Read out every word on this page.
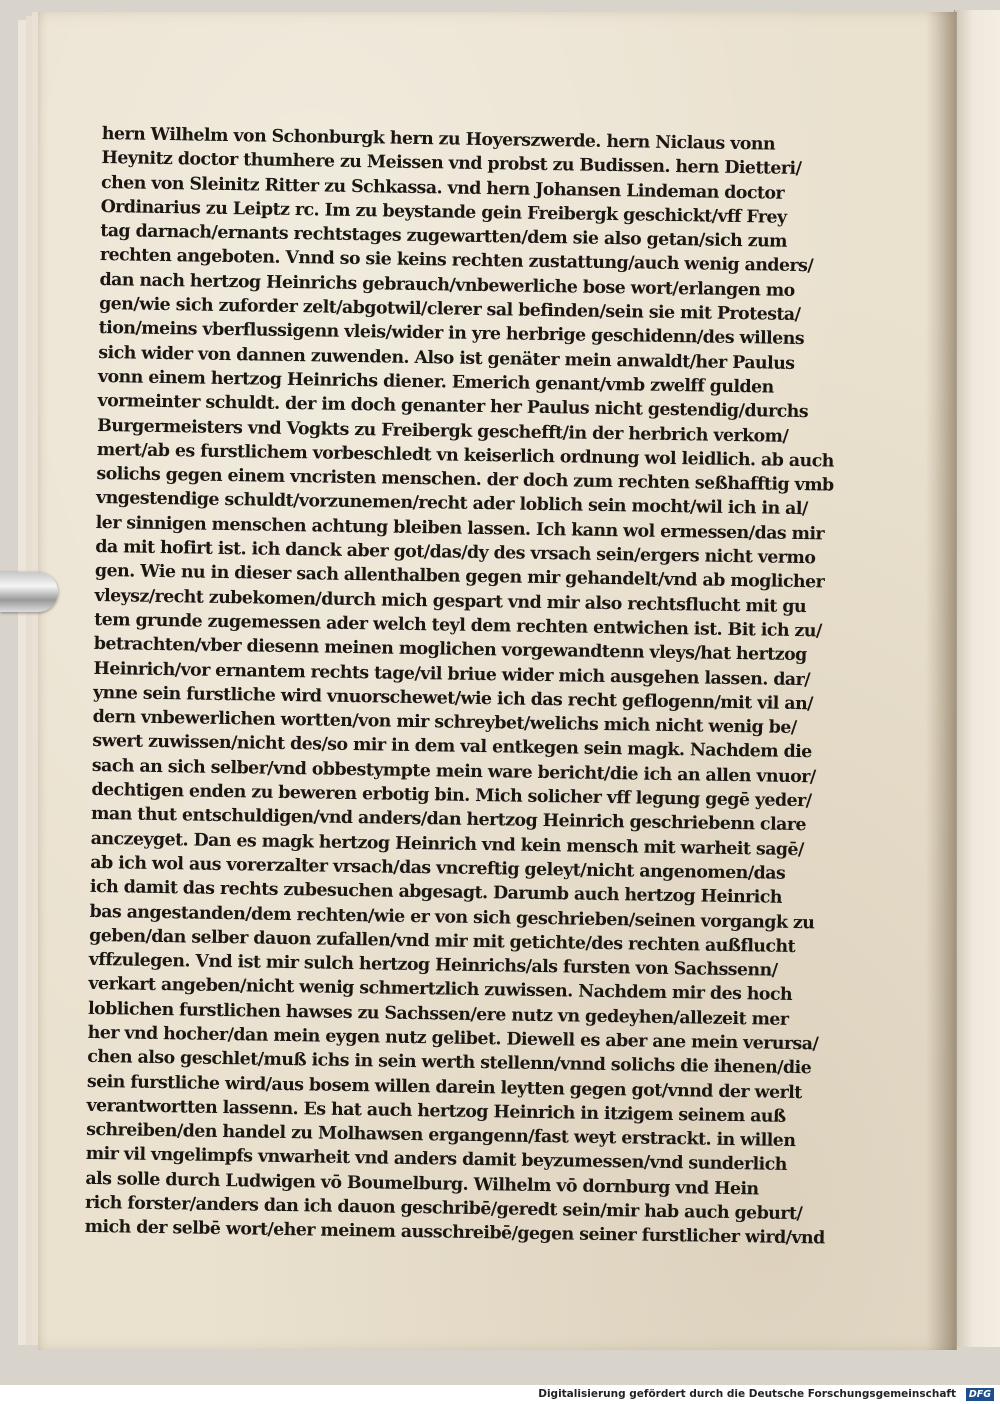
hern Wilhelm von Schonburgk hern zu Hoyerszwerde. hern Niclaus vonn
Heynitz doctor thumhere zu Meissen vnd probst zu Budissen. hern Dietteri/
chen von Sleinitz Ritter zu Schkassa. vnd hern Johansen Lindeman doctor
Ordinarius zu Leiptz rc. Im zu beystande gein Freibergk geschickt/vff Frey
tag darnach/ernants rechtstages zugewartten/dem sie also getan/sich zum
rechten angeboten. Vnnd so sie keins rechten zustattung/auch wenig anders/
dan nach hertzog Heinrichs gebrauch/vnbewerliche bose wort/erlangen mo
gen/wie sich zuforder zelt/abgotwil/clerer sal befinden/sein sie mit Protesta/
tion/meins vberflussigenn vleis/wider in yre herbrige geschidenn/des willens
sich wider von dannen zuwenden. Also ist genäter mein anwaldt/her Paulus
vonn einem hertzog Heinrichs diener. Emerich genant/vmb zwelff gulden
vormeinter schuldt. der im doch genanter her Paulus nicht gestendig/durchs
Burgermeisters vnd Vogkts zu Freibergk geschefft/in der herbrich verkom/
mert/ab es furstlichem vorbeschledt vn keiserlich ordnung wol leidlich. ab auch
solichs gegen einem vncristen menschen. der doch zum rechten seßhafftig vmb
vngestendige schuldt/vorzunemen/recht ader loblich sein mocht/wil ich in al/
ler sinnigen menschen achtung bleiben lassen. Ich kann wol ermessen/das mir
da mit hofirt ist. ich danck aber got/das/dy des vrsach sein/ergers nicht vermo
gen. Wie nu in dieser sach allenthalben gegen mir gehandelt/vnd ab moglicher
vleysz/recht zubekomen/durch mich gespart vnd mir also rechtsflucht mit gu
tem grunde zugemessen ader welch teyl dem rechten entwichen ist. Bit ich zu/
betrachten/vber diesenn meinen moglichen vorgewandtenn vleys/hat hertzog
Heinrich/vor ernantem rechts tage/vil briue wider mich ausgehen lassen. dar/
ynne sein furstliche wird vnuorschewet/wie ich das recht geflogenn/mit vil an/
dern vnbewerlichen wortten/von mir schreybet/welichs mich nicht wenig be/
swert zuwissen/nicht des/so mir in dem val entkegen sein magk. Nachdem die
sach an sich selber/vnd obbestympte mein ware bericht/die ich an allen vnuor/
dechtigen enden zu beweren erbotig bin. Mich solicher vff legung gegē yeder/
man thut entschuldigen/vnd anders/dan hertzog Heinrich geschriebenn clare
anczeyget. Dan es magk hertzog Heinrich vnd kein mensch mit warheit sagē/
ab ich wol aus vorerzalter vrsach/das vncreftig geleyt/nicht angenomen/das
ich damit das rechts zubesuchen abgesagt. Darumb auch hertzog Heinrich
bas angestanden/dem rechten/wie er von sich geschrieben/seinen vorgangk zu
geben/dan selber dauon zufallen/vnd mir mit getichte/des rechten außflucht
vffzulegen. Vnd ist mir sulch hertzog Heinrichs/als fursten von Sachssenn/
verkart angeben/nicht wenig schmertzlich zuwissen. Nachdem mir des hoch
loblichen furstlichen hawses zu Sachssen/ere nutz vn gedeyhen/allezeit mer
her vnd hocher/dan mein eygen nutz gelibet. Diewell es aber ane mein verursa/
chen also geschlet/muß ichs in sein werth stellenn/vnnd solichs die ihenen/die
sein furstliche wird/aus bosem willen darein leytten gegen got/vnnd der werlt
verantwortten lassenn. Es hat auch hertzog Heinrich in itzigem seinem auß
schreiben/den handel zu Molhawsen ergangenn/fast weyt erstrackt. in willen
mir vil vngelimpfs vnwarheit vnd anders damit beyzumessen/vnd sunderlich
als solle durch Ludwigen vō Boumelburg. Wilhelm vō dornburg vnd Hein
rich forster/anders dan ich dauon geschribē/geredt sein/mir hab auch geburt/
mich der selbē wort/eher meinem ausschreibē/gegen seiner furstlicher wird/vnd
Digitalisierung gefördert durch die Deutsche Forschungsgemeinschaft	DFG
